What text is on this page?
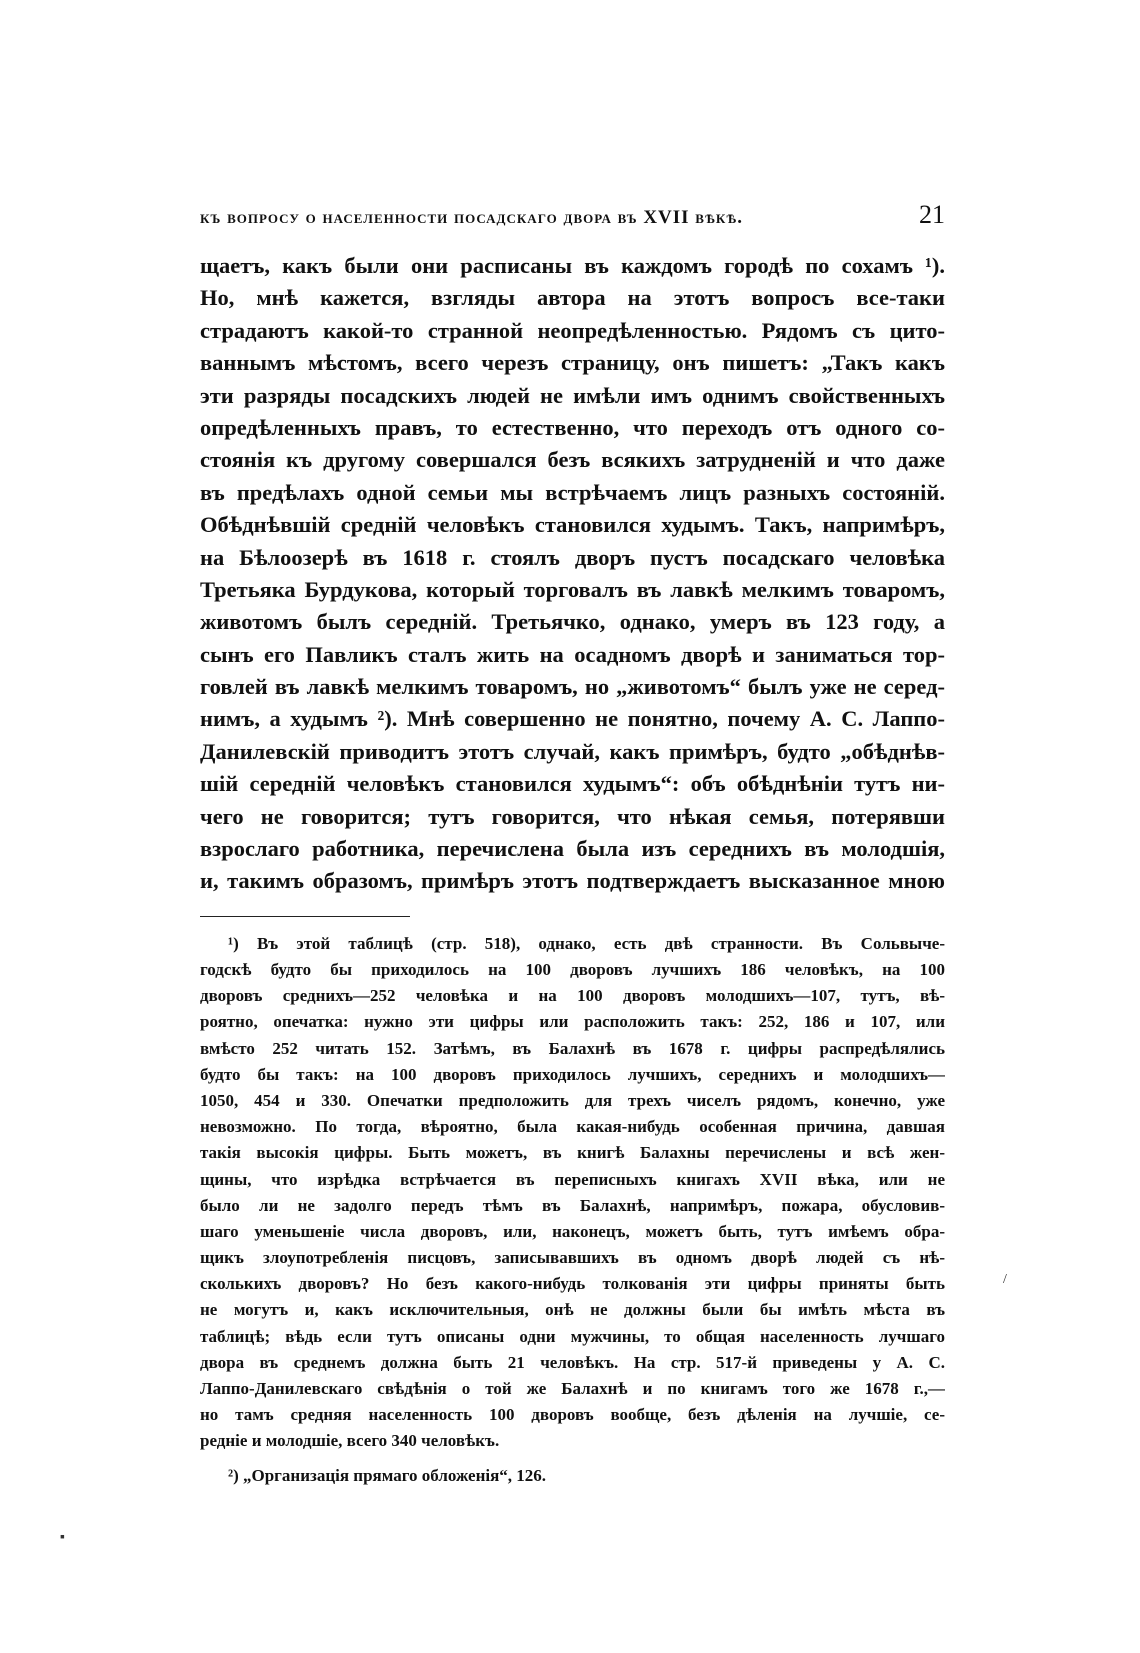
къ вопросу о населенности посадскаго двора въ XVII вѣкѣ.	21
щаетъ, какъ были они расписаны въ каждомъ городѣ по сохамъ ¹).
Но, мнѣ кажется, взгляды автора на этотъ вопросъ все-таки
страдаютъ какой-то странной неопредѣленностью. Рядомъ съ цито-
ваннымъ мѣстомъ, всего черезъ страницу, онъ пишетъ: „Такъ какъ
эти разряды посадскихъ людей не имѣли имъ однимъ свойственныхъ
опредѣленныхъ правъ, то естественно, что переходъ отъ одного со-
стоянія къ другому совершался безъ всякихъ затрудненій и что даже
въ предѣлахъ одной семьи мы встрѣчаемъ лицъ разныхъ состояній.
Обѣднѣвшій средній человѣкъ становился худымъ. Такъ, напримѣръ,
на Бѣлоозерѣ въ 1618 г. стоялъ дворъ пустъ посадскаго человѣка
Третьяка Бурдукова, который торговалъ въ лавкѣ мелкимъ товаромъ,
животомъ былъ середній. Третьячко, однако, умеръ въ 123 году, а
сынъ его Павликъ сталъ жить на осадномъ дворѣ и заниматься тор-
говлей въ лавкѣ мелкимъ товаромъ, но „животомъ“ былъ уже не серед-
нимъ, а худымъ ²). Мнѣ совершенно не понятно, почему А. С. Лаппо-
Данилевскій приводитъ этотъ случай, какъ примѣръ, будто „обѣднѣв-
шій середній человѣкъ становился худымъ“: объ обѣднѣніи тутъ ни-
чего не говорится; тутъ говорится, что нѣкая семья, потерявши
взрослаго работника, перечислена была изъ середнихъ въ молодшія,
и, такимъ образомъ, примѣръ этотъ подтверждаетъ высказанное мною
¹) Въ этой таблицѣ (стр. 518), однако, есть двѣ странности. Въ Сольвыче-
годскѣ будто бы приходилось на 100 дворовъ лучшихъ 186 человѣкъ, на 100
дворовъ среднихъ—252 человѣка и на 100 дворовъ молодшихъ—107, тутъ, вѣ-
роятно, опечатка: нужно эти цифры или расположить такъ: 252, 186 и 107, или
вмѣсто 252 читать 152. Затѣмъ, въ Балахнѣ въ 1678 г. цифры распредѣлялись
будто бы такъ: на 100 дворовъ приходилось лучшихъ, середнихъ и молодшихъ—
1050, 454 и 330. Опечатки предположить для трехъ чиселъ рядомъ, конечно, уже
невозможно. По тогда, вѣроятно, была какая-нибудь особенная причина, давшая
такія высокія цифры. Быть можетъ, въ книгѣ Балахны перечислены и всѣ жен-
щины, что изрѣдка встрѣчается въ переписныхъ книгахъ XVII вѣка, или не
было ли не задолго передъ тѣмъ въ Балахнѣ, напримѣръ, пожара, обусловив-
шаго уменьшеніе числа дворовъ, или, наконецъ, можетъ быть, тутъ имѣемъ обра-
щикъ злоупотребленія писцовъ, записывавшихъ въ одномъ дворѣ людей съ нѣ-
сколькихъ дворовъ? Но безъ какого-нибудь толкованія эти цифры приняты быть
не могутъ и, какъ исключительныя, онѣ не должны были бы имѣть мѣста въ
таблицѣ; вѣдь если тутъ описаны одни мужчины, то общая населенность лучшаго
двора въ среднемъ должна быть 21 человѣкъ. На стр. 517-й приведены у А. С.
Лаппо-Данилевскаго свѣдѣнія о той же Балахнѣ и по книгамъ того же 1678 г.,—
но тамъ средняя населенность 100 дворовъ вообще, безъ дѣленія на лучшіе, се-
редніе и молодшіе, всего 340 человѣкъ.
²) „Организація прямаго обложенія“, 126.
/
▪
